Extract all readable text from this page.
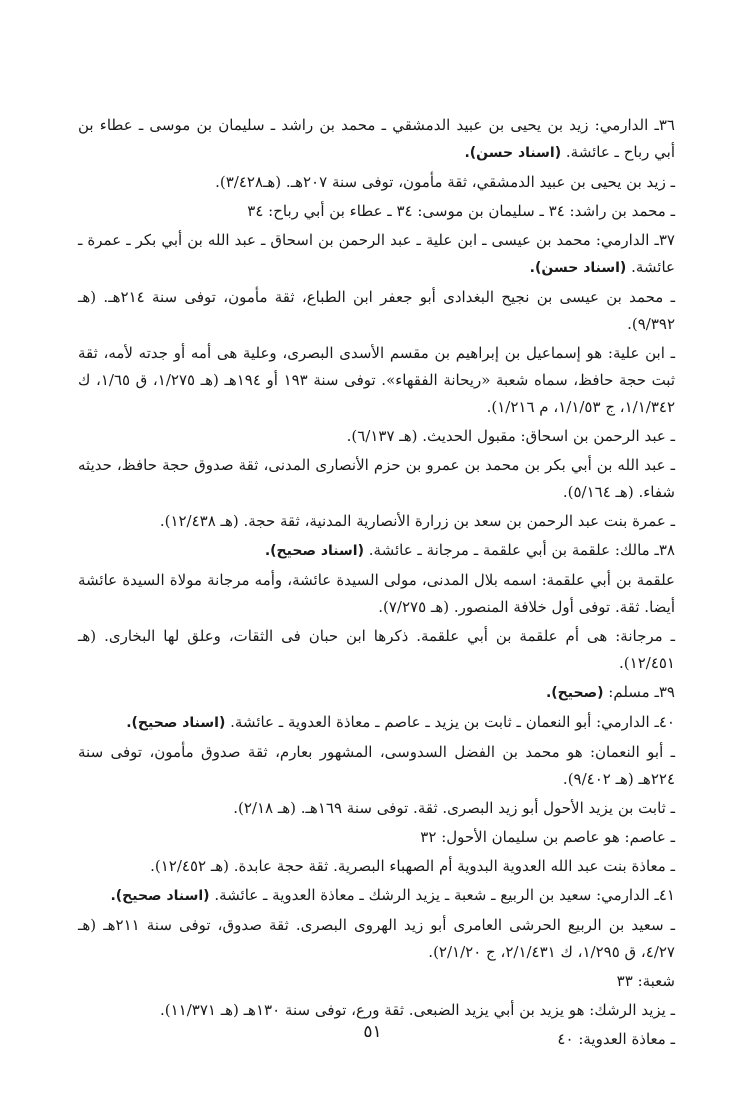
٣٦ـ الدارمي: زيد بن يحيى بن عبيد الدمشقي ـ محمد بن راشد ـ سليمان بن موسى ـ عطاء بن أبي رباح ـ عائشة. (اسناد حسن).
ـ زيد بن يحيى بن عبيد الدمشقي، ثقة مأمون، توفى سنة ٢٠٧هـ. (هـ٣/٤٢٨).
ـ محمد بن راشد: ٣٤ ـ سليمان بن موسى: ٣٤ ـ عطاء بن أبي رباح: ٣٤
٣٧ـ الدارمي: محمد بن عيسى ـ ابن علية ـ عبد الرحمن بن اسحاق ـ عبد الله بن أبي بكر ـ عمرة ـ عائشة. (اسناد حسن).
ـ محمد بن عيسى بن نجيح البغدادى أبو جعفر ابن الطباع، ثقة مأمون، توفى سنة ٢١٤هـ. (هـ ٩/٣٩٢).
ـ ابن علية: هو إسماعيل بن إبراهيم بن مقسم الأسدى البصرى، وعلية هى أمه أو جدته لأمه، ثقة ثبت حجة حافظ، سماه شعبة «ريحانة الفقهاء». توفى سنة ١٩٣ أو ١٩٤هـ (هـ ١/٢٧٥، ق ١/٦٥، ك ١/١/٣٤٢، ج ١/١/٥٣، م ١/٢١٦).
ـ عبد الرحمن بن اسحاق: مقبول الحديث. (هـ ٦/١٣٧).
ـ عبد الله بن أبي بكر بن محمد بن عمرو بن حزم الأنصارى المدنى، ثقة صدوق حجة حافظ، حديثه شفاء. (هـ ٥/١٦٤).
ـ عمرة بنت عبد الرحمن بن سعد بن زرارة الأنصارية المدنية، ثقة حجة. (هـ ١٢/٤٣٨).
٣٨ـ مالك: علقمة بن أبي علقمة ـ مرجانة ـ عائشة. (اسناد صحيح).
علقمة بن أبي علقمة: اسمه بلال المدنى، مولى السيدة عائشة، وأمه مرجانة مولاة السيدة عائشة أيضا. ثقة. توفى أول خلافة المنصور. (هـ ٧/٢٧٥).
ـ مرجانة: هى أم علقمة بن أبي علقمة. ذكرها ابن حبان فى الثقات، وعلق لها البخارى. (هـ ١٢/٤٥١).
٣٩ـ مسلم: (صحيح).
٤٠ـ الدارمي: أبو النعمان ـ ثابت بن يزيد ـ عاصم ـ معاذة العدوية ـ عائشة. (اسناد صحيح).
ـ أبو النعمان: هو محمد بن الفضل السدوسى، المشهور بعارم، ثقة صدوق مأمون، توفى سنة ٢٢٤هـ (هـ ٩/٤٠٢).
ـ ثابت بن يزيد الأحول أبو زيد البصرى. ثقة. توفى سنة ١٦٩هـ. (هـ ٢/١٨).
ـ عاصم: هو عاصم بن سليمان الأحول: ٣٢
ـ معاذة بنت عبد الله العدوية البدوية أم الصهباء البصرية. ثقة حجة عابدة. (هـ ١٢/٤٥٢).
٤١ـ الدارمي: سعيد بن الربيع ـ شعبة ـ يزيد الرشك ـ معاذة العدوية ـ عائشة. (اسناد صحيح).
ـ سعيد بن الربيع الحرشى العامرى أبو زيد الهروى البصرى. ثقة صدوق، توفى سنة ٢١١هـ (هـ ٤/٢٧، ق ١/٢٩٥، ك ٢/١/٤٣١، ج ٢/١/٢٠).
شعبة: ٣٣
ـ يزيد الرشك: هو يزيد بن أبي يزيد الضبعى. ثقة ورع، توفى سنة ١٣٠هـ (هـ ١١/٣٧١).
ـ معاذة العدوية: ٤٠
٥١
